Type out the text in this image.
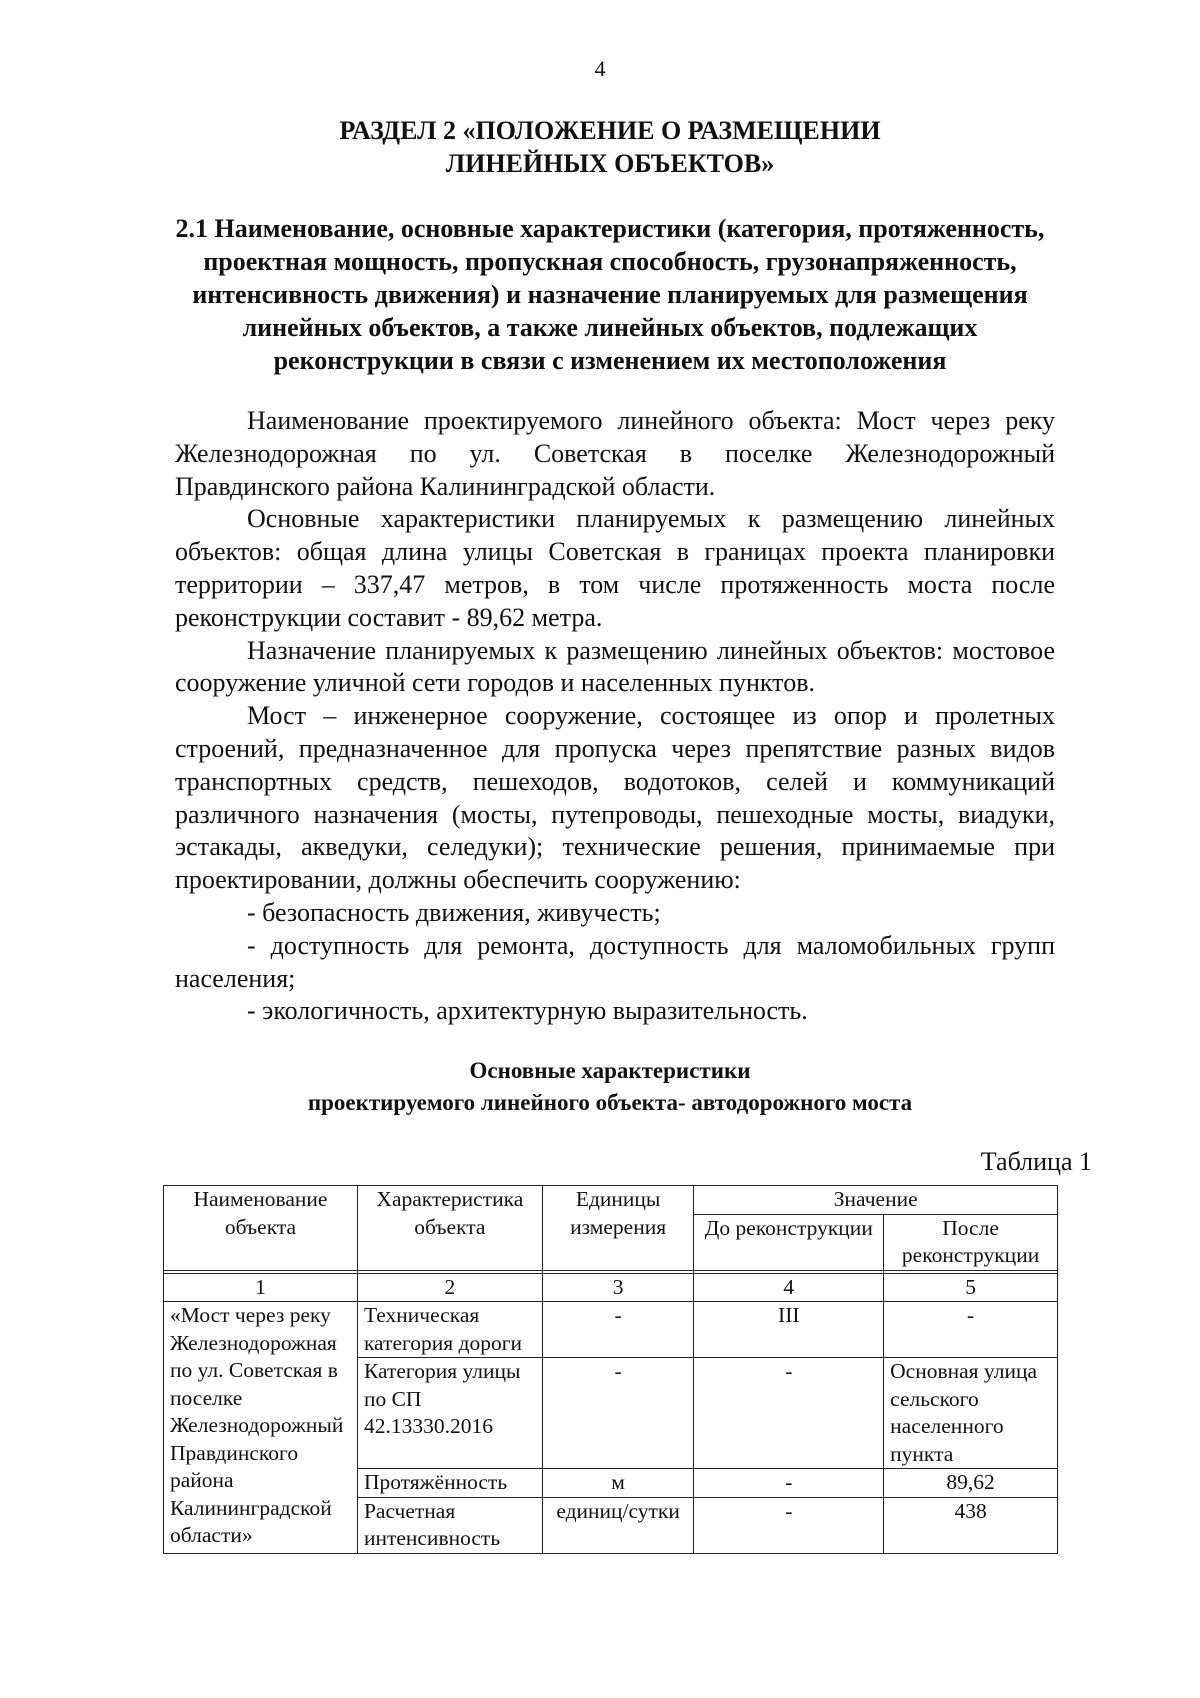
4
РАЗДЕЛ 2 «ПОЛОЖЕНИЕ О РАЗМЕЩЕНИИ
ЛИНЕЙНЫХ ОБЪЕКТОВ»
2.1 Наименование, основные характеристики (категория, протяженность,
проектная мощность, пропускная способность, грузонапряженность,
интенсивность движения) и назначение планируемых для размещения
линейных объектов, а также линейных объектов, подлежащих
реконструкции в связи с изменением их местоположения

Наименование проектируемого линейного объекта: Мост через реку Железнодорожная по ул. Советская в поселке Железнодорожный Правдинского района Калининградской области.

Основные характеристики планируемых к размещению линейных объектов: общая длина улицы Советская в границах проекта планировки территории – 337,47 метров, в том числе протяженность моста после реконструкции составит - 89,62 метра.

Назначение планируемых к размещению линейных объектов: мостовое сооружение уличной сети городов и населенных пунктов.

Мост – инженерное сооружение, состоящее из опор и пролетных строений, предназначенное для пропуска через препятствие разных видов транспортных средств, пешеходов, водотоков, селей и коммуникаций различного назначения (мосты, путепроводы, пешеходные мосты, виадуки, эстакады, акведуки, селедуки); технические решения, принимаемые при проектировании, должны обеспечить сооружению:

- безопасность движения, живучесть;

- доступность для ремонта, доступность для маломобильных групп населения;

- экологичность, архитектурную выразительность.

Основные характеристики
проектируемого линейного объекта- автодорожного моста
Таблица 1
Наименование объекта	Характеристика объекта	Единицы измерения	Значение	
			До реконструкции	После реконструкции

1	2	3	4	5
«Мост через реку Железнодорожная по ул. Советская в поселке Железнодорожный Правдинского района Калининградской области»	Техническая категория дороги	-	III	-
	Категория улицы по СП 42.13330.2016	-	-	Основная улица сельского населенного пункта
	Протяжённость	м	-	89,62
	Расчетная интенсивность	единиц/сутки	-	438
